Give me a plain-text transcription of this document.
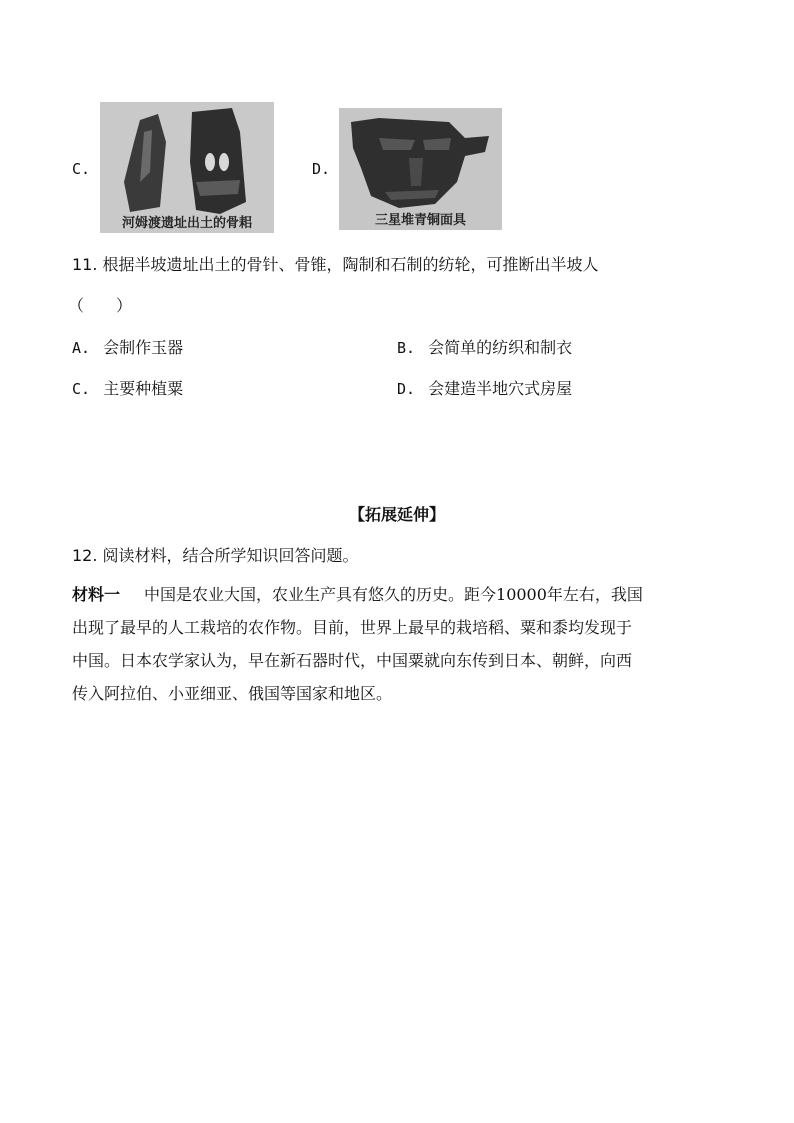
C.
河姆渡遗址出土的骨耜
D.
三星堆青铜面具
11. 根据半坡遗址出土的骨针、骨锥，陶制和石制的纺轮，可推断出半坡人
（　　）
A. 会制作玉器	B. 会简单的纺织和制衣
C. 主要种植粟	D. 会建造半地穴式房屋
【拓展延伸】
12. 阅读材料，结合所学知识回答问题。
材料一 中国是农业大国，农业生产具有悠久的历史。距今10000年左右，我国
出现了最早的人工栽培的农作物。目前，世界上最早的栽培稻、粟和黍均发现于
中国。日本农学家认为，早在新石器时代，中国粟就向东传到日本、朝鲜，向西
传入阿拉伯、小亚细亚、俄国等国家和地区。
